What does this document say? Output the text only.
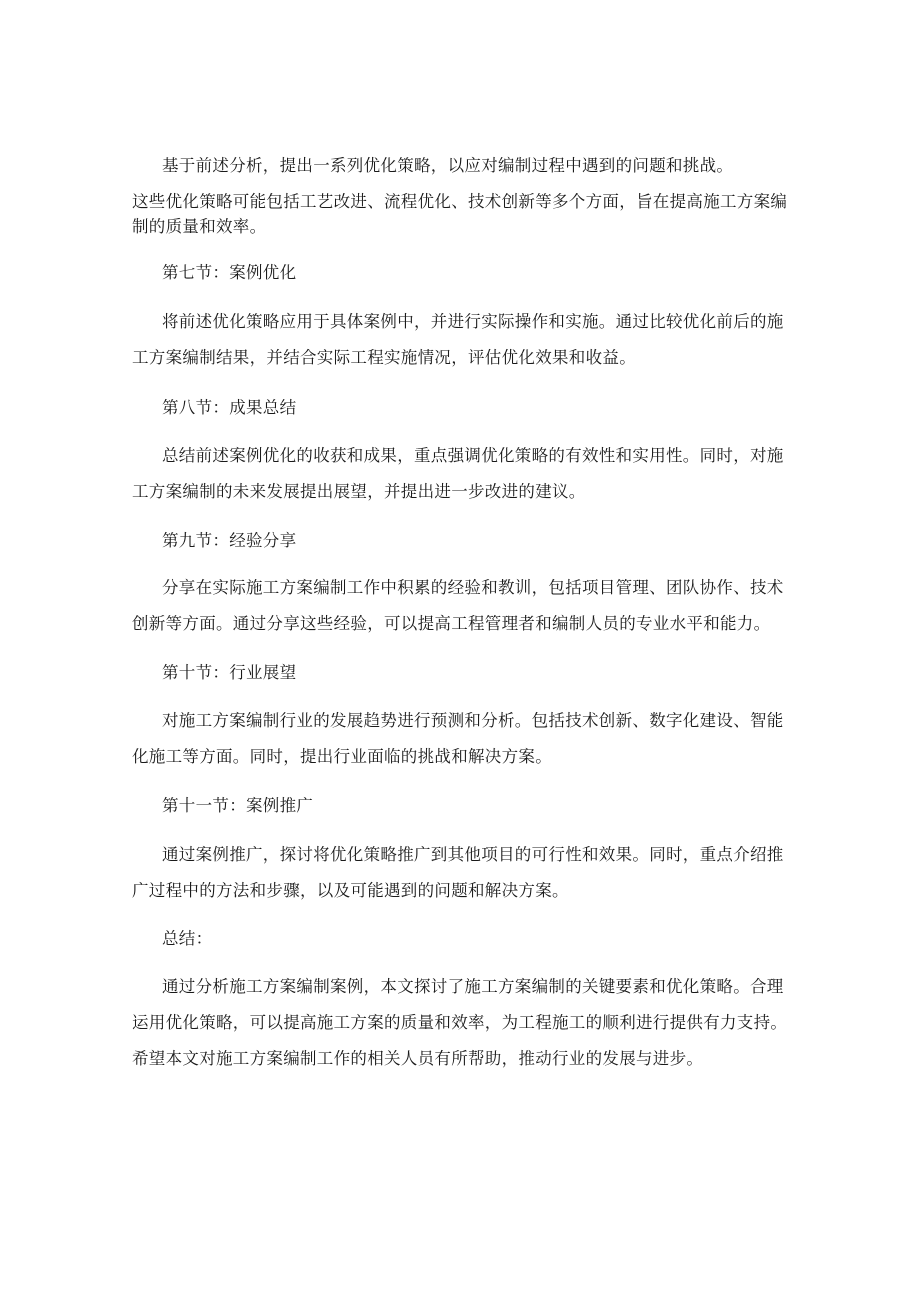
基于前述分析，提出一系列优化策略，以应对编制过程中遇到的问题和挑战。
这些优化策略可能包括工艺改进、流程优化、技术创新等多个方面，旨在提高施工方案编
制的质量和效率。
第七节：案例优化
将前述优化策略应用于具体案例中，并进行实际操作和实施。通过比较优化前后的施
工方案编制结果，并结合实际工程实施情况，评估优化效果和收益。
第八节：成果总结
总结前述案例优化的收获和成果，重点强调优化策略的有效性和实用性。同时，对施
工方案编制的未来发展提出展望，并提出进一步改进的建议。
第九节：经验分享
分享在实际施工方案编制工作中积累的经验和教训，包括项目管理、团队协作、技术
创新等方面。通过分享这些经验，可以提高工程管理者和编制人员的专业水平和能力。
第十节：行业展望
对施工方案编制行业的发展趋势进行预测和分析。包括技术创新、数字化建设、智能
化施工等方面。同时，提出行业面临的挑战和解决方案。
第十一节：案例推广
通过案例推广，探讨将优化策略推广到其他项目的可行性和效果。同时，重点介绍推
广过程中的方法和步骤，以及可能遇到的问题和解决方案。
总结：
通过分析施工方案编制案例，本文探讨了施工方案编制的关键要素和优化策略。合理
运用优化策略，可以提高施工方案的质量和效率，为工程施工的顺利进行提供有力支持。
希望本文对施工方案编制工作的相关人员有所帮助，推动行业的发展与进步。
